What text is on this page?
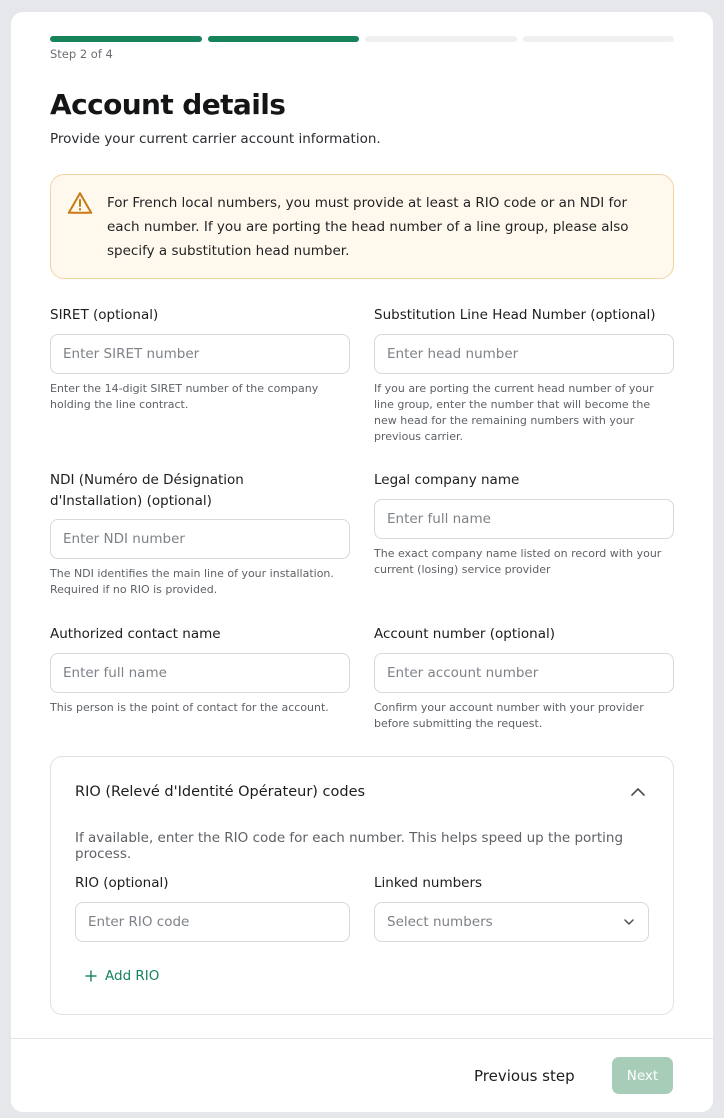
Step 2 of 4
Account details

Provide your current carrier account information.

For French local numbers, you must provide at least a RIO code or an NDI for each number. If you are porting the head number of a line group, please also specify a substitution head number.
SIRET (optional)
Enter SIRET number
Enter the 14-digit SIRET number of the company holding the line contract.
Substitution Line Head Number (optional)
Enter head number
If you are porting the current head number of your line group, enter the number that will become the new head for the remaining numbers with your previous carrier.
NDI (Numéro de Désignation d'Installation) (optional)
Enter NDI number
The NDI identifies the main line of your installation. Required if no RIO is provided.
Legal company name
Enter full name
The exact company name listed on record with your current (losing) service provider
Authorized contact name
Enter full name
This person is the point of contact for the account.
Account number (optional)
Enter account number
Confirm your account number with your provider before submitting the request.
RIO (Relevé d'Identité Opérateur) codes
If available, enter the RIO code for each number. This helps speed up the porting process.
RIO (optional)
Enter RIO code
Linked numbers
Select numbers
Add RIO
Previous step	Next
